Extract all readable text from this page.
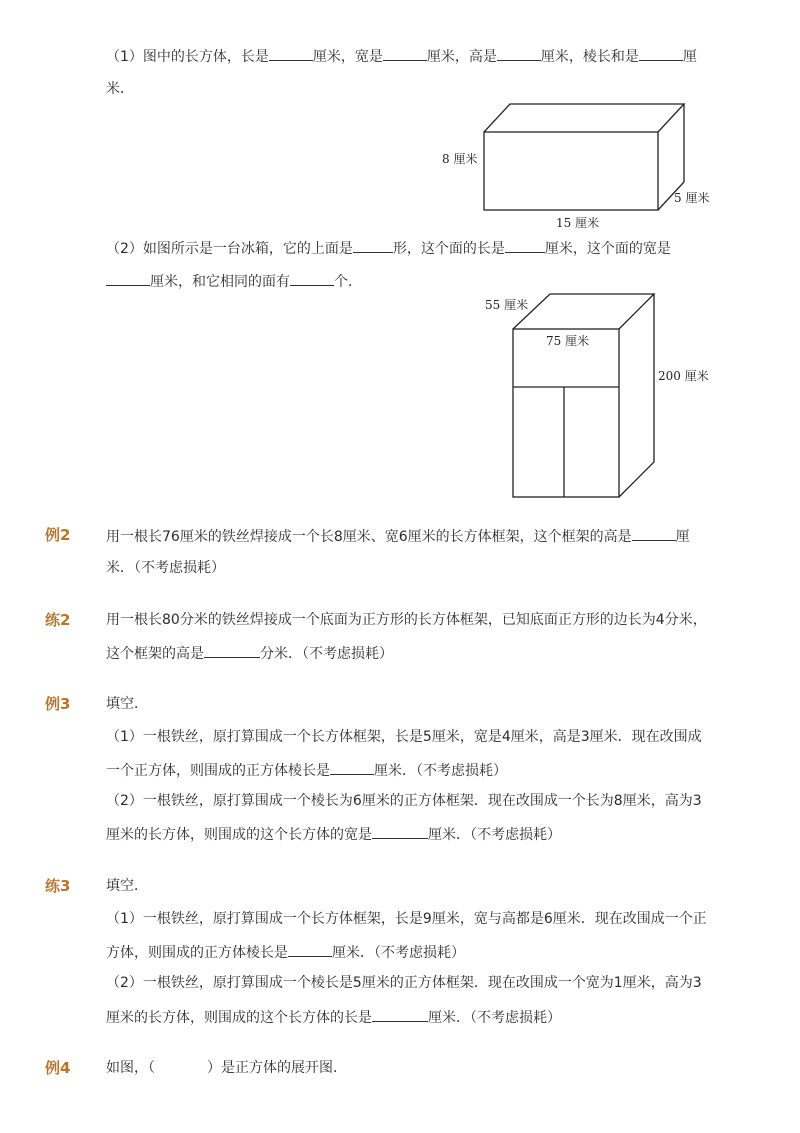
（1）图中的长方体，长是	厘米，宽是	厘米，高是	厘米，棱长和是	厘
米．
8 厘米
5 厘米
15 厘米
（2）如图所示是一台冰箱，它的上面是	形，这个面的长是	厘米，这个面的宽是
厘米，和它相同的面有	个．
55 厘米
75 厘米
200 厘米
例2	用一根长76厘米的铁丝焊接成一个长8厘米、宽6厘米的长方体框架，这个框架的高是	厘
米．（不考虑损耗）
练2	用一根长80分米的铁丝焊接成一个底面为正方形的长方体框架，已知底面正方形的边长为4分米，
这个框架的高是	分米．（不考虑损耗）
例3	填空．
（1）一根铁丝，原打算围成一个长方体框架，长是5厘米，宽是4厘米，高是3厘米．现在改围成
一个正方体，则围成的正方体棱长是	厘米．（不考虑损耗）
（2）一根铁丝，原打算围成一个棱长为6厘米的正方体框架．现在改围成一个长为8厘米，高为3
厘米的长方体，则围成的这个长方体的宽是	厘米．（不考虑损耗）
练3	填空．
（1）一根铁丝，原打算围成一个长方体框架，长是9厘米，宽与高都是6厘米．现在改围成一个正
方体，则围成的正方体棱长是	厘米．（不考虑损耗）
（2）一根铁丝，原打算围成一个棱长是5厘米的正方体框架．现在改围成一个宽为1厘米，高为3
厘米的长方体，则围成的这个长方体的长是	厘米．（不考虑损耗）
例4	如图，（	）是正方体的展开图．
